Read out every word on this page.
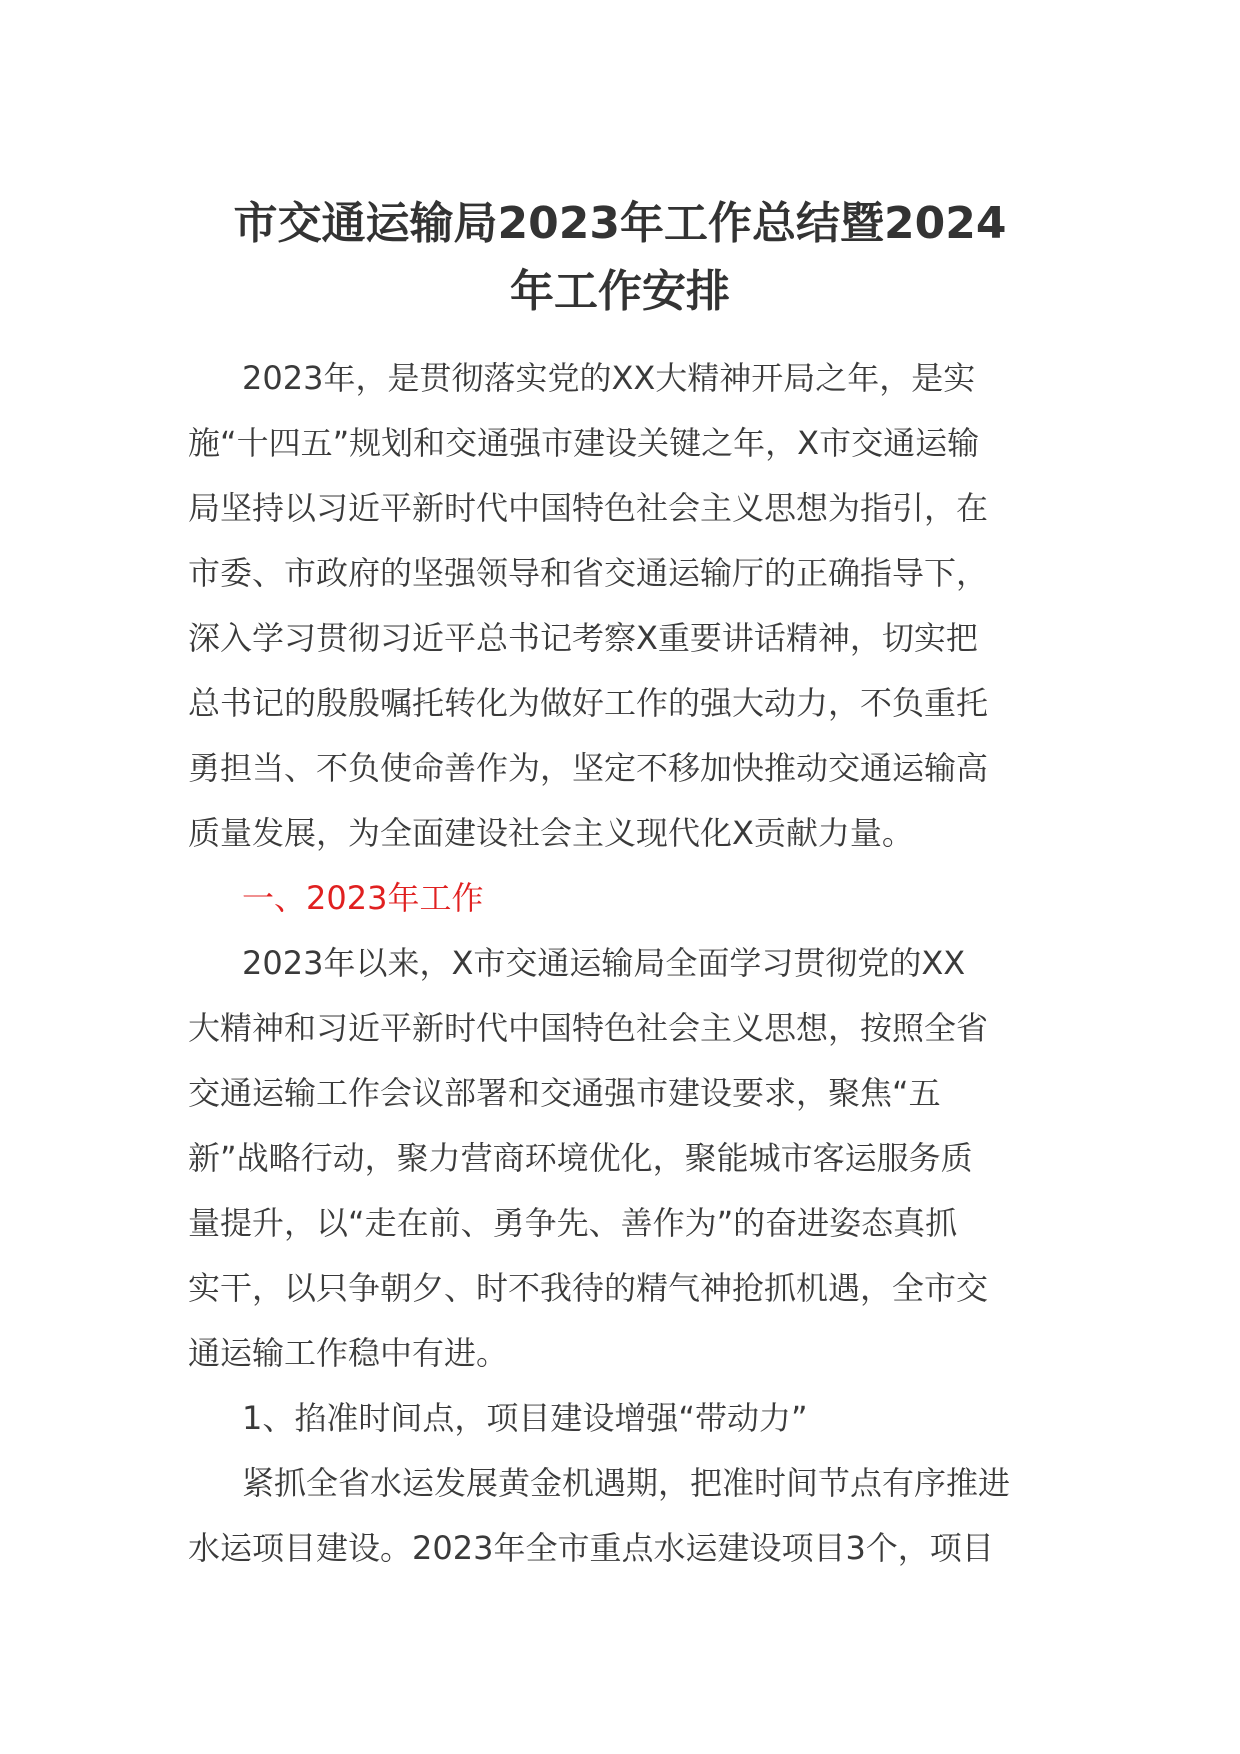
市交通运输局2023年工作总结暨2024
年工作安排
2023年，是贯彻落实党的XX大精神开局之年，是实
施“十四五”规划和交通强市建设关键之年，X市交通运输
局坚持以习近平新时代中国特色社会主义思想为指引，在
市委、市政府的坚强领导和省交通运输厅的正确指导下，
深入学习贯彻习近平总书记考察X重要讲话精神，切实把
总书记的殷殷嘱托转化为做好工作的强大动力，不负重托
勇担当、不负使命善作为，坚定不移加快推动交通运输高
质量发展，为全面建设社会主义现代化X贡献力量。
一、2023年工作
2023年以来，X市交通运输局全面学习贯彻党的XX
大精神和习近平新时代中国特色社会主义思想，按照全省
交通运输工作会议部署和交通强市建设要求，聚焦“五
新”战略行动，聚力营商环境优化，聚能城市客运服务质
量提升，以“走在前、勇争先、善作为”的奋进姿态真抓
实干，以只争朝夕、时不我待的精气神抢抓机遇，全市交
通运输工作稳中有进。
1、掐准时间点，项目建设增强“带动力”
紧抓全省水运发展黄金机遇期，把准时间节点有序推进
水运项目建设。2023年全市重点水运建设项目3个，项目
